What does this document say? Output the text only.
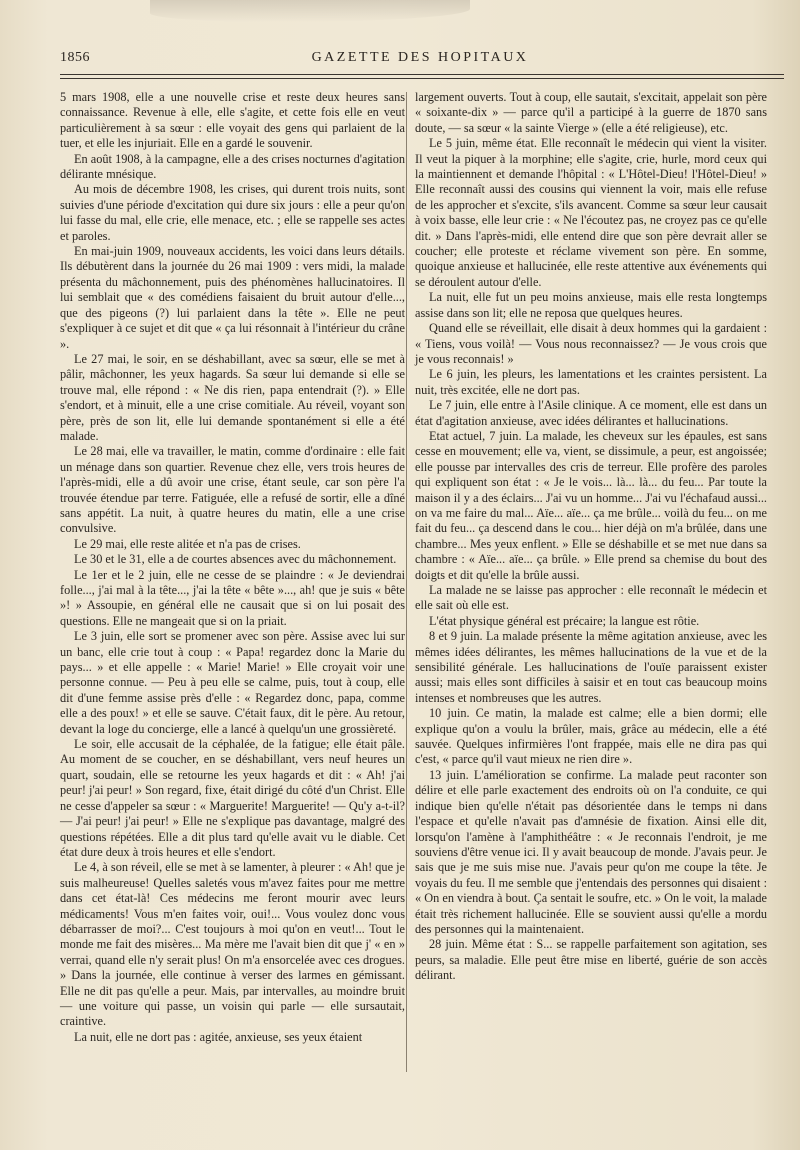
1856	GAZETTE DES HOPITAUX

5 mars 1908, elle a une nouvelle crise et reste deux heures sans connaissance. Revenue à elle, elle s'agite, et cette fois elle en veut particulièrement à sa sœur : elle voyait des gens qui parlaient de la tuer, et elle les injuriait. Elle en a gardé le souvenir.

En août 1908, à la campagne, elle a des crises nocturnes d'agitation délirante mnésique.

Au mois de décembre 1908, les crises, qui durent trois nuits, sont suivies d'une période d'excitation qui dure six jours : elle a peur qu'on lui fasse du mal, elle crie, elle menace, etc. ; elle se rappelle ses actes et paroles.

En mai-juin 1909, nouveaux accidents, les voici dans leurs détails. Ils débutèrent dans la journée du 26 mai 1909 : vers midi, la malade présenta du mâchonnement, puis des phénomènes hallucinatoires. Il lui semblait que « des comédiens faisaient du bruit autour d'elle..., que des pigeons (?) lui parlaient dans la tête ». Elle ne peut s'expliquer à ce sujet et dit que « ça lui résonnait à l'intérieur du crâne ».

Le 27 mai, le soir, en se déshabillant, avec sa sœur, elle se met à pâlir, mâchonner, les yeux hagards. Sa sœur lui demande si elle se trouve mal, elle répond : « Ne dis rien, papa entendrait (?). » Elle s'endort, et à minuit, elle a une crise comitiale. Au réveil, voyant son père, près de son lit, elle lui demande spontanément si elle a été malade.

Le 28 mai, elle va travailler, le matin, comme d'ordinaire : elle fait un ménage dans son quartier. Revenue chez elle, vers trois heures de l'après-midi, elle a dû avoir une crise, étant seule, car son père l'a trouvée étendue par terre. Fatiguée, elle a refusé de sortir, elle a dîné sans appétit. La nuit, à quatre heures du matin, elle a une crise convulsive.

Le 29 mai, elle reste alitée et n'a pas de crises.

Le 30 et le 31, elle a de courtes absences avec du mâchonnement.

Le 1er et le 2 juin, elle ne cesse de se plaindre : « Je deviendrai folle..., j'ai mal à la tête..., j'ai la tête « bête »..., ah! que je suis « bête »! » Assoupie, en général elle ne causait que si on lui posait des questions. Elle ne mangeait que si on la priait.

Le 3 juin, elle sort se promener avec son père. Assise avec lui sur un banc, elle crie tout à coup : « Papa! regardez donc la Marie du pays... » et elle appelle : « Marie! Marie! » Elle croyait voir une personne connue. — Peu à peu elle se calme, puis, tout à coup, elle dit d'une femme assise près d'elle : « Regardez donc, papa, comme elle a des poux! » et elle se sauve. C'était faux, dit le père. Au retour, devant la loge du concierge, elle a lancé à quelqu'un une grossièreté.

Le soir, elle accusait de la céphalée, de la fatigue; elle était pâle. Au moment de se coucher, en se déshabillant, vers neuf heures un quart, soudain, elle se retourne les yeux hagards et dit : « Ah! j'ai peur! j'ai peur! » Son regard, fixe, était dirigé du côté d'un Christ. Elle ne cesse d'appeler sa sœur : « Marguerite! Marguerite! — Qu'y a-t-il? — J'ai peur! j'ai peur! » Elle ne s'explique pas davantage, malgré des questions répétées. Elle a dit plus tard qu'elle avait vu le diable. Cet état dure deux à trois heures et elle s'endort.

Le 4, à son réveil, elle se met à se lamenter, à pleurer : « Ah! que je suis malheureuse! Quelles saletés vous m'avez faites pour me mettre dans cet état-là! Ces médecins me feront mourir avec leurs médicaments! Vous m'en faites voir, oui!... Vous voulez donc vous débarrasser de moi?... C'est toujours à moi qu'on en veut!... Tout le monde me fait des misères... Ma mère me l'avait bien dit que j' « en » verrai, quand elle n'y serait plus! On m'a ensorcelée avec ces drogues. » Dans la journée, elle continue à verser des larmes en gémissant. Elle ne dit pas qu'elle a peur. Mais, par intervalles, au moindre bruit — une voiture qui passe, un voisin qui parle — elle sursautait, craintive.

La nuit, elle ne dort pas : agitée, anxieuse, ses yeux étaient

largement ouverts. Tout à coup, elle sautait, s'excitait, appelait son père « soixante-dix » — parce qu'il a participé à la guerre de 1870 sans doute, — sa sœur « la sainte Vierge » (elle a été religieuse), etc.

Le 5 juin, même état. Elle reconnaît le médecin qui vient la visiter. Il veut la piquer à la morphine; elle s'agite, crie, hurle, mord ceux qui la maintiennent et demande l'hôpital : « L'Hôtel-Dieu! l'Hôtel-Dieu! » Elle reconnaît aussi des cousins qui viennent la voir, mais elle refuse de les approcher et s'excite, s'ils avancent. Comme sa sœur leur causait à voix basse, elle leur crie : « Ne l'écoutez pas, ne croyez pas ce qu'elle dit. » Dans l'après-midi, elle entend dire que son père devrait aller se coucher; elle proteste et réclame vivement son père. En somme, quoique anxieuse et hallucinée, elle reste attentive aux événements qui se déroulent autour d'elle.

La nuit, elle fut un peu moins anxieuse, mais elle resta longtemps assise dans son lit; elle ne reposa que quelques heures.

Quand elle se réveillait, elle disait à deux hommes qui la gardaient : « Tiens, vous voilà! — Vous nous reconnaissez? — Je vous crois que je vous reconnais! »

Le 6 juin, les pleurs, les lamentations et les craintes persistent. La nuit, très excitée, elle ne dort pas.

Le 7 juin, elle entre à l'Asile clinique. A ce moment, elle est dans un état d'agitation anxieuse, avec idées délirantes et hallucinations.

Etat actuel, 7 juin. La malade, les cheveux sur les épaules, est sans cesse en mouvement; elle va, vient, se dissimule, a peur, est angoissée; elle pousse par intervalles des cris de terreur. Elle profère des paroles qui expliquent son état : « Je le vois... là... là... du feu... Par toute la maison il y a des éclairs... J'ai vu un homme... J'ai vu l'échafaud aussi... on va me faire du mal... Aïe... aïe... ça me brûle... voilà du feu... on me fait du feu... ça descend dans le cou... hier déjà on m'a brûlée, dans une chambre... Mes yeux enflent. » Elle se déshabille et se met nue dans sa chambre : « Aïe... aïe... ça brûle. » Elle prend sa chemise du bout des doigts et dit qu'elle la brûle aussi.

La malade ne se laisse pas approcher : elle reconnaît le médecin et elle sait où elle est.

L'état physique général est précaire; la langue est rôtie.

8 et 9 juin. La malade présente la même agitation anxieuse, avec les mêmes idées délirantes, les mêmes hallucinations de la vue et de la sensibilité générale. Les hallucinations de l'ouïe paraissent exister aussi; mais elles sont difficiles à saisir et en tout cas beaucoup moins intenses et nombreuses que les autres.

10 juin. Ce matin, la malade est calme; elle a bien dormi; elle explique qu'on a voulu la brûler, mais, grâce au médecin, elle a été sauvée. Quelques infirmières l'ont frappée, mais elle ne dira pas qui c'est, « parce qu'il vaut mieux ne rien dire ».

13 juin. L'amélioration se confirme. La malade peut raconter son délire et elle parle exactement des endroits où on l'a conduite, ce qui indique bien qu'elle n'était pas désorientée dans le temps ni dans l'espace et qu'elle n'avait pas d'amnésie de fixation. Ainsi elle dit, lorsqu'on l'amène à l'amphithéâtre : « Je reconnais l'endroit, je me souviens d'être venue ici. Il y avait beaucoup de monde. J'avais peur. Je sais que je me suis mise nue. J'avais peur qu'on me coupe la tête. Je voyais du feu. Il me semble que j'entendais des personnes qui disaient : « On en viendra à bout. Ça sentait le soufre, etc. » On le voit, la malade était très richement hallucinée. Elle se souvient aussi qu'elle a mordu des personnes qui la maintenaient.

28 juin. Même état : S... se rappelle parfaitement son agitation, ses peurs, sa maladie. Elle peut être mise en liberté, guérie de son accès délirant.
